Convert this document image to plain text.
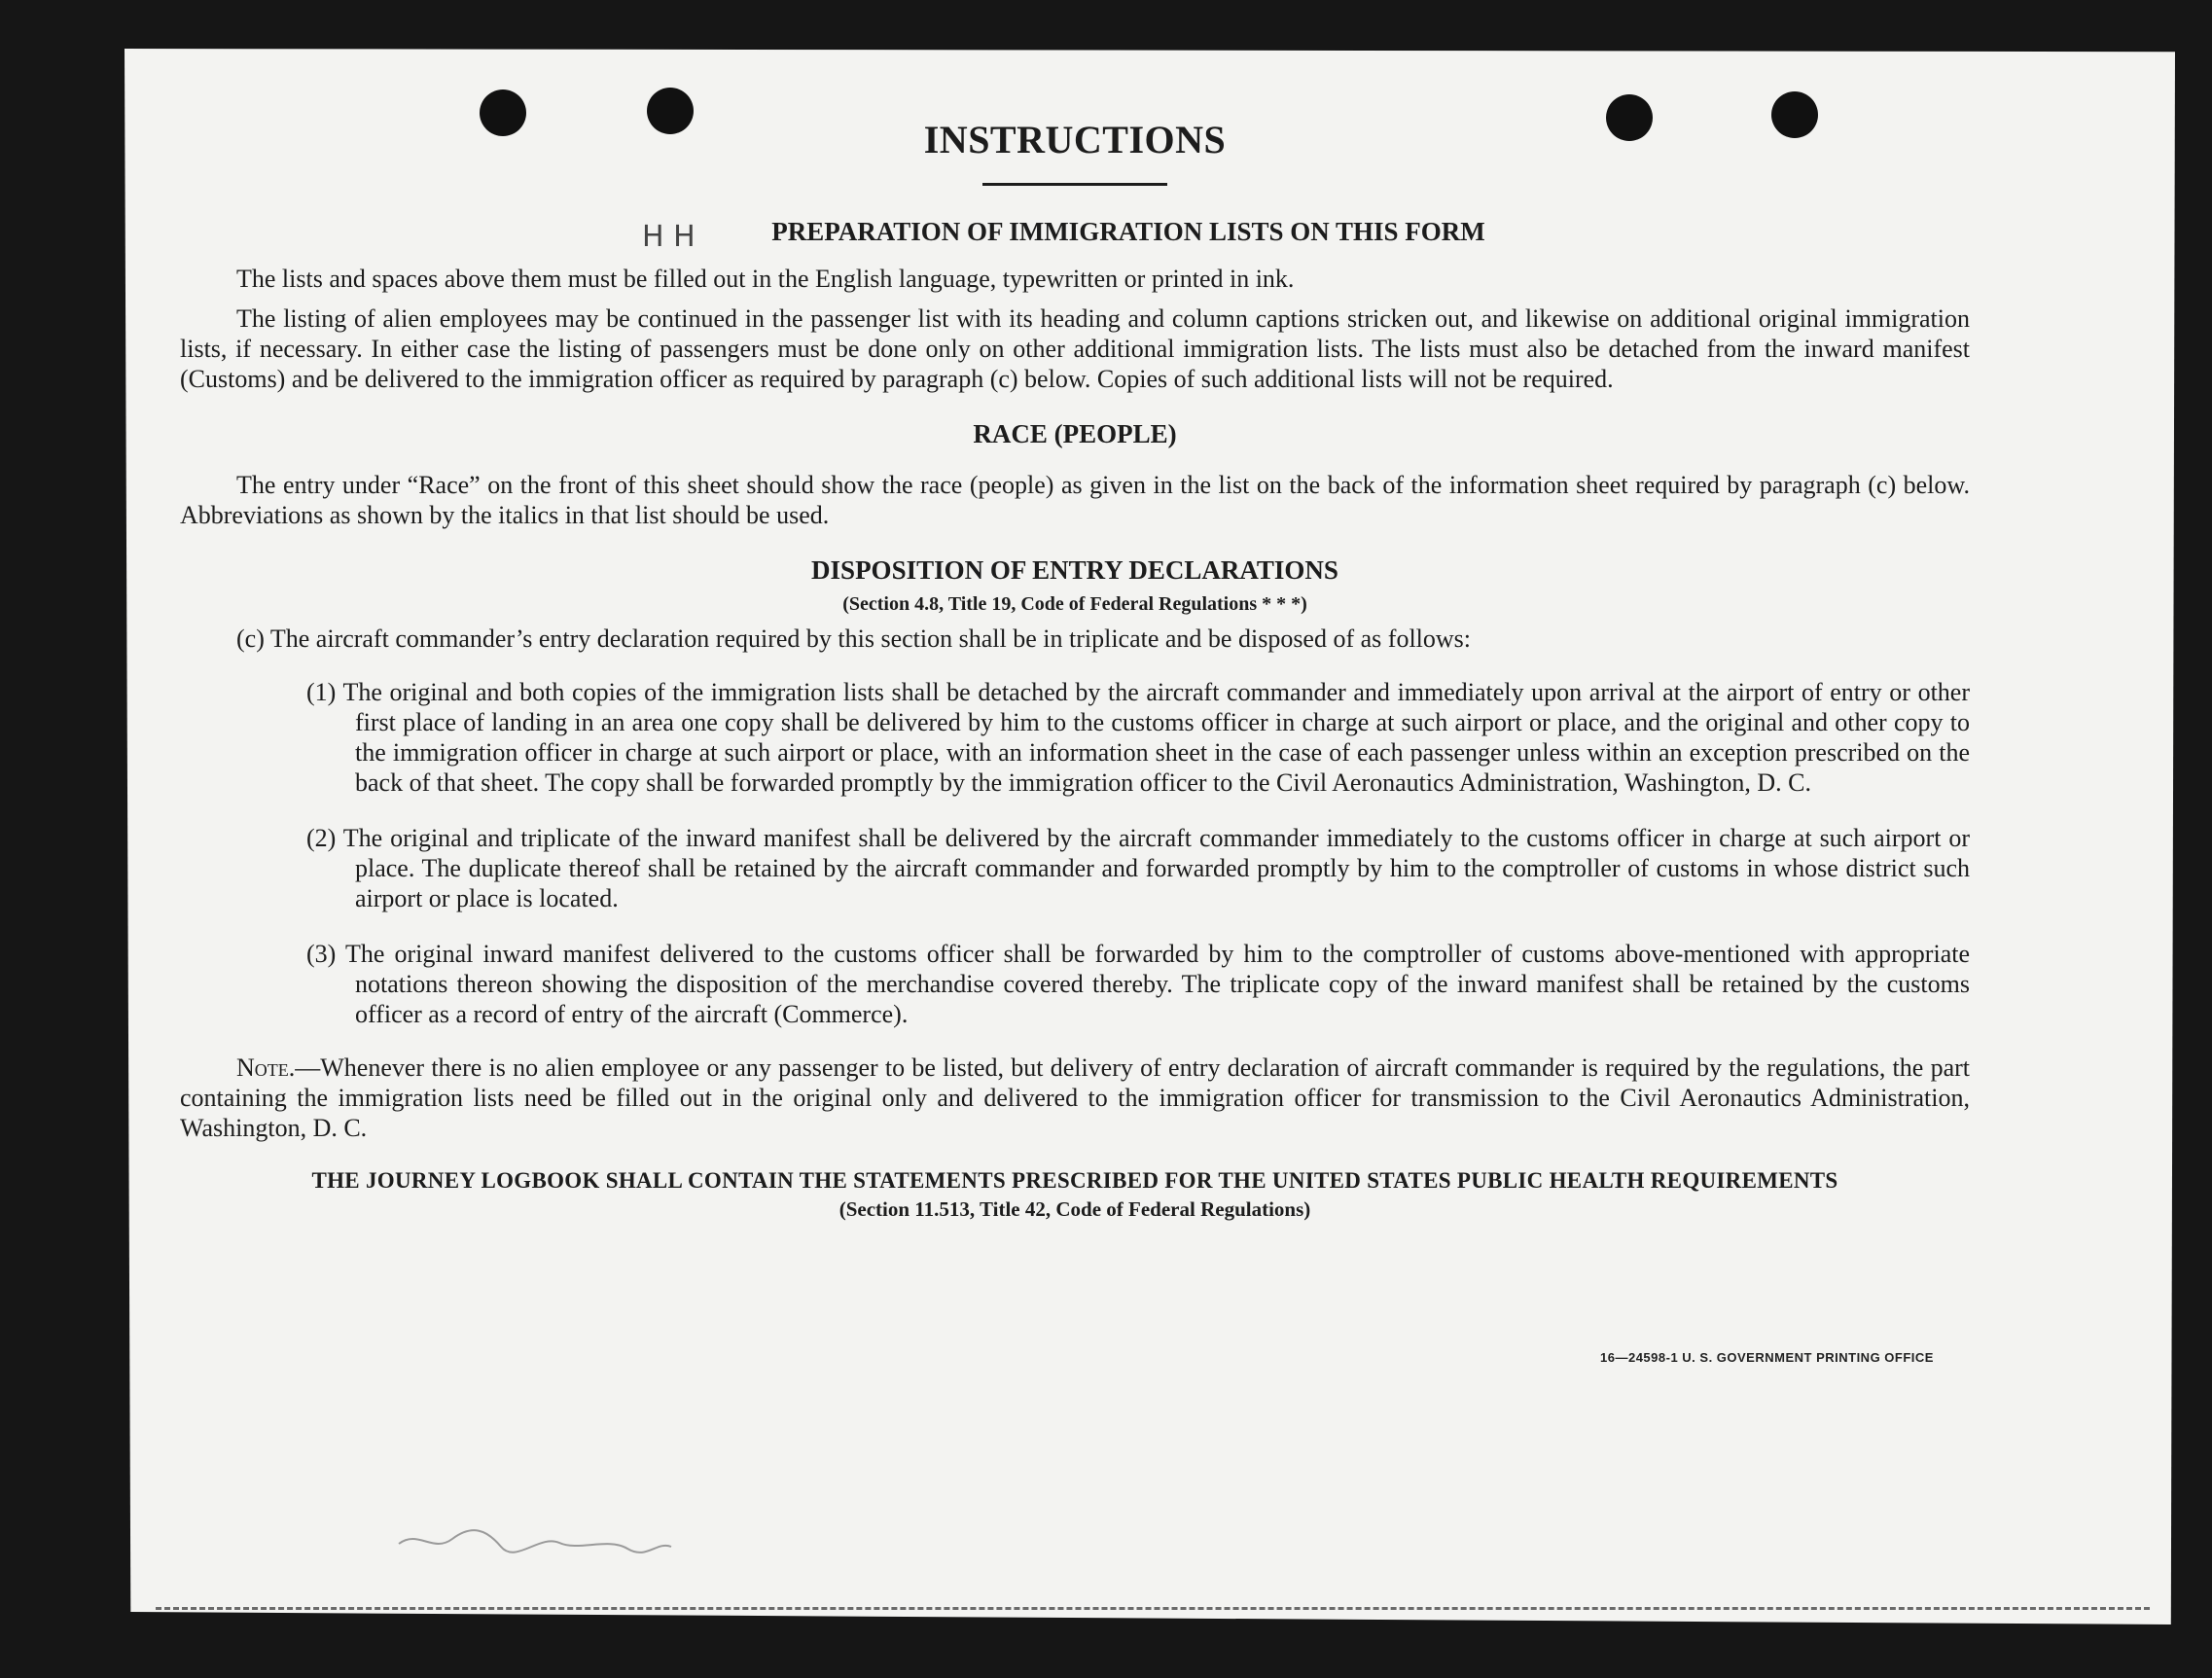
H H
INSTRUCTIONS
PREPARATION OF IMMIGRATION LISTS ON THIS FORM

The lists and spaces above them must be filled out in the English language, typewritten or printed in ink.

The listing of alien employees may be continued in the passenger list with its heading and column captions stricken out, and likewise on additional original immigration lists, if necessary. In either case the listing of passengers must be done only on other additional immigration lists. The lists must also be detached from the inward manifest (Customs) and be delivered to the immigration officer as required by paragraph (c) below. Copies of such additional lists will not be required.

RACE (PEOPLE)

The entry under “Race” on the front of this sheet should show the race (people) as given in the list on the back of the information sheet required by paragraph (c) below. Abbreviations as shown by the italics in that list should be used.

DISPOSITION OF ENTRY DECLARATIONS
(Section 4.8, Title 19, Code of Federal Regulations * * *)

(c) The aircraft commander’s entry declaration required by this section shall be in triplicate and be disposed of as follows:

(1) The original and both copies of the immigration lists shall be detached by the aircraft commander and immediately upon arrival at the airport of entry or other first place of landing in an area one copy shall be delivered by him to the customs officer in charge at such airport or place, and the original and other copy to the immigration officer in charge at such airport or place, with an information sheet in the case of each passenger unless within an exception prescribed on the back of that sheet. The copy shall be forwarded promptly by the immigration officer to the Civil Aeronautics Administration, Washington, D. C.

(2) The original and triplicate of the inward manifest shall be delivered by the aircraft commander immediately to the customs officer in charge at such airport or place. The duplicate thereof shall be retained by the aircraft commander and forwarded promptly by him to the comptroller of customs in whose district such airport or place is located.

(3) The original inward manifest delivered to the customs officer shall be forwarded by him to the comptroller of customs above-mentioned with appropriate notations thereon showing the disposition of the merchandise covered thereby. The triplicate copy of the inward manifest shall be retained by the customs officer as a record of entry of the aircraft (Commerce).

Note.—Whenever there is no alien employee or any passenger to be listed, but delivery of entry declaration of aircraft commander is required by the regulations, the part containing the immigration lists need be filled out in the original only and delivered to the immigration officer for transmission to the Civil Aeronautics Administration, Washington, D. C.

THE JOURNEY LOGBOOK SHALL CONTAIN THE STATEMENTS PRESCRIBED FOR THE UNITED STATES PUBLIC HEALTH REQUIREMENTS
(Section 11.513, Title 42, Code of Federal Regulations)
16—24598-1 U. S. GOVERNMENT PRINTING OFFICE
